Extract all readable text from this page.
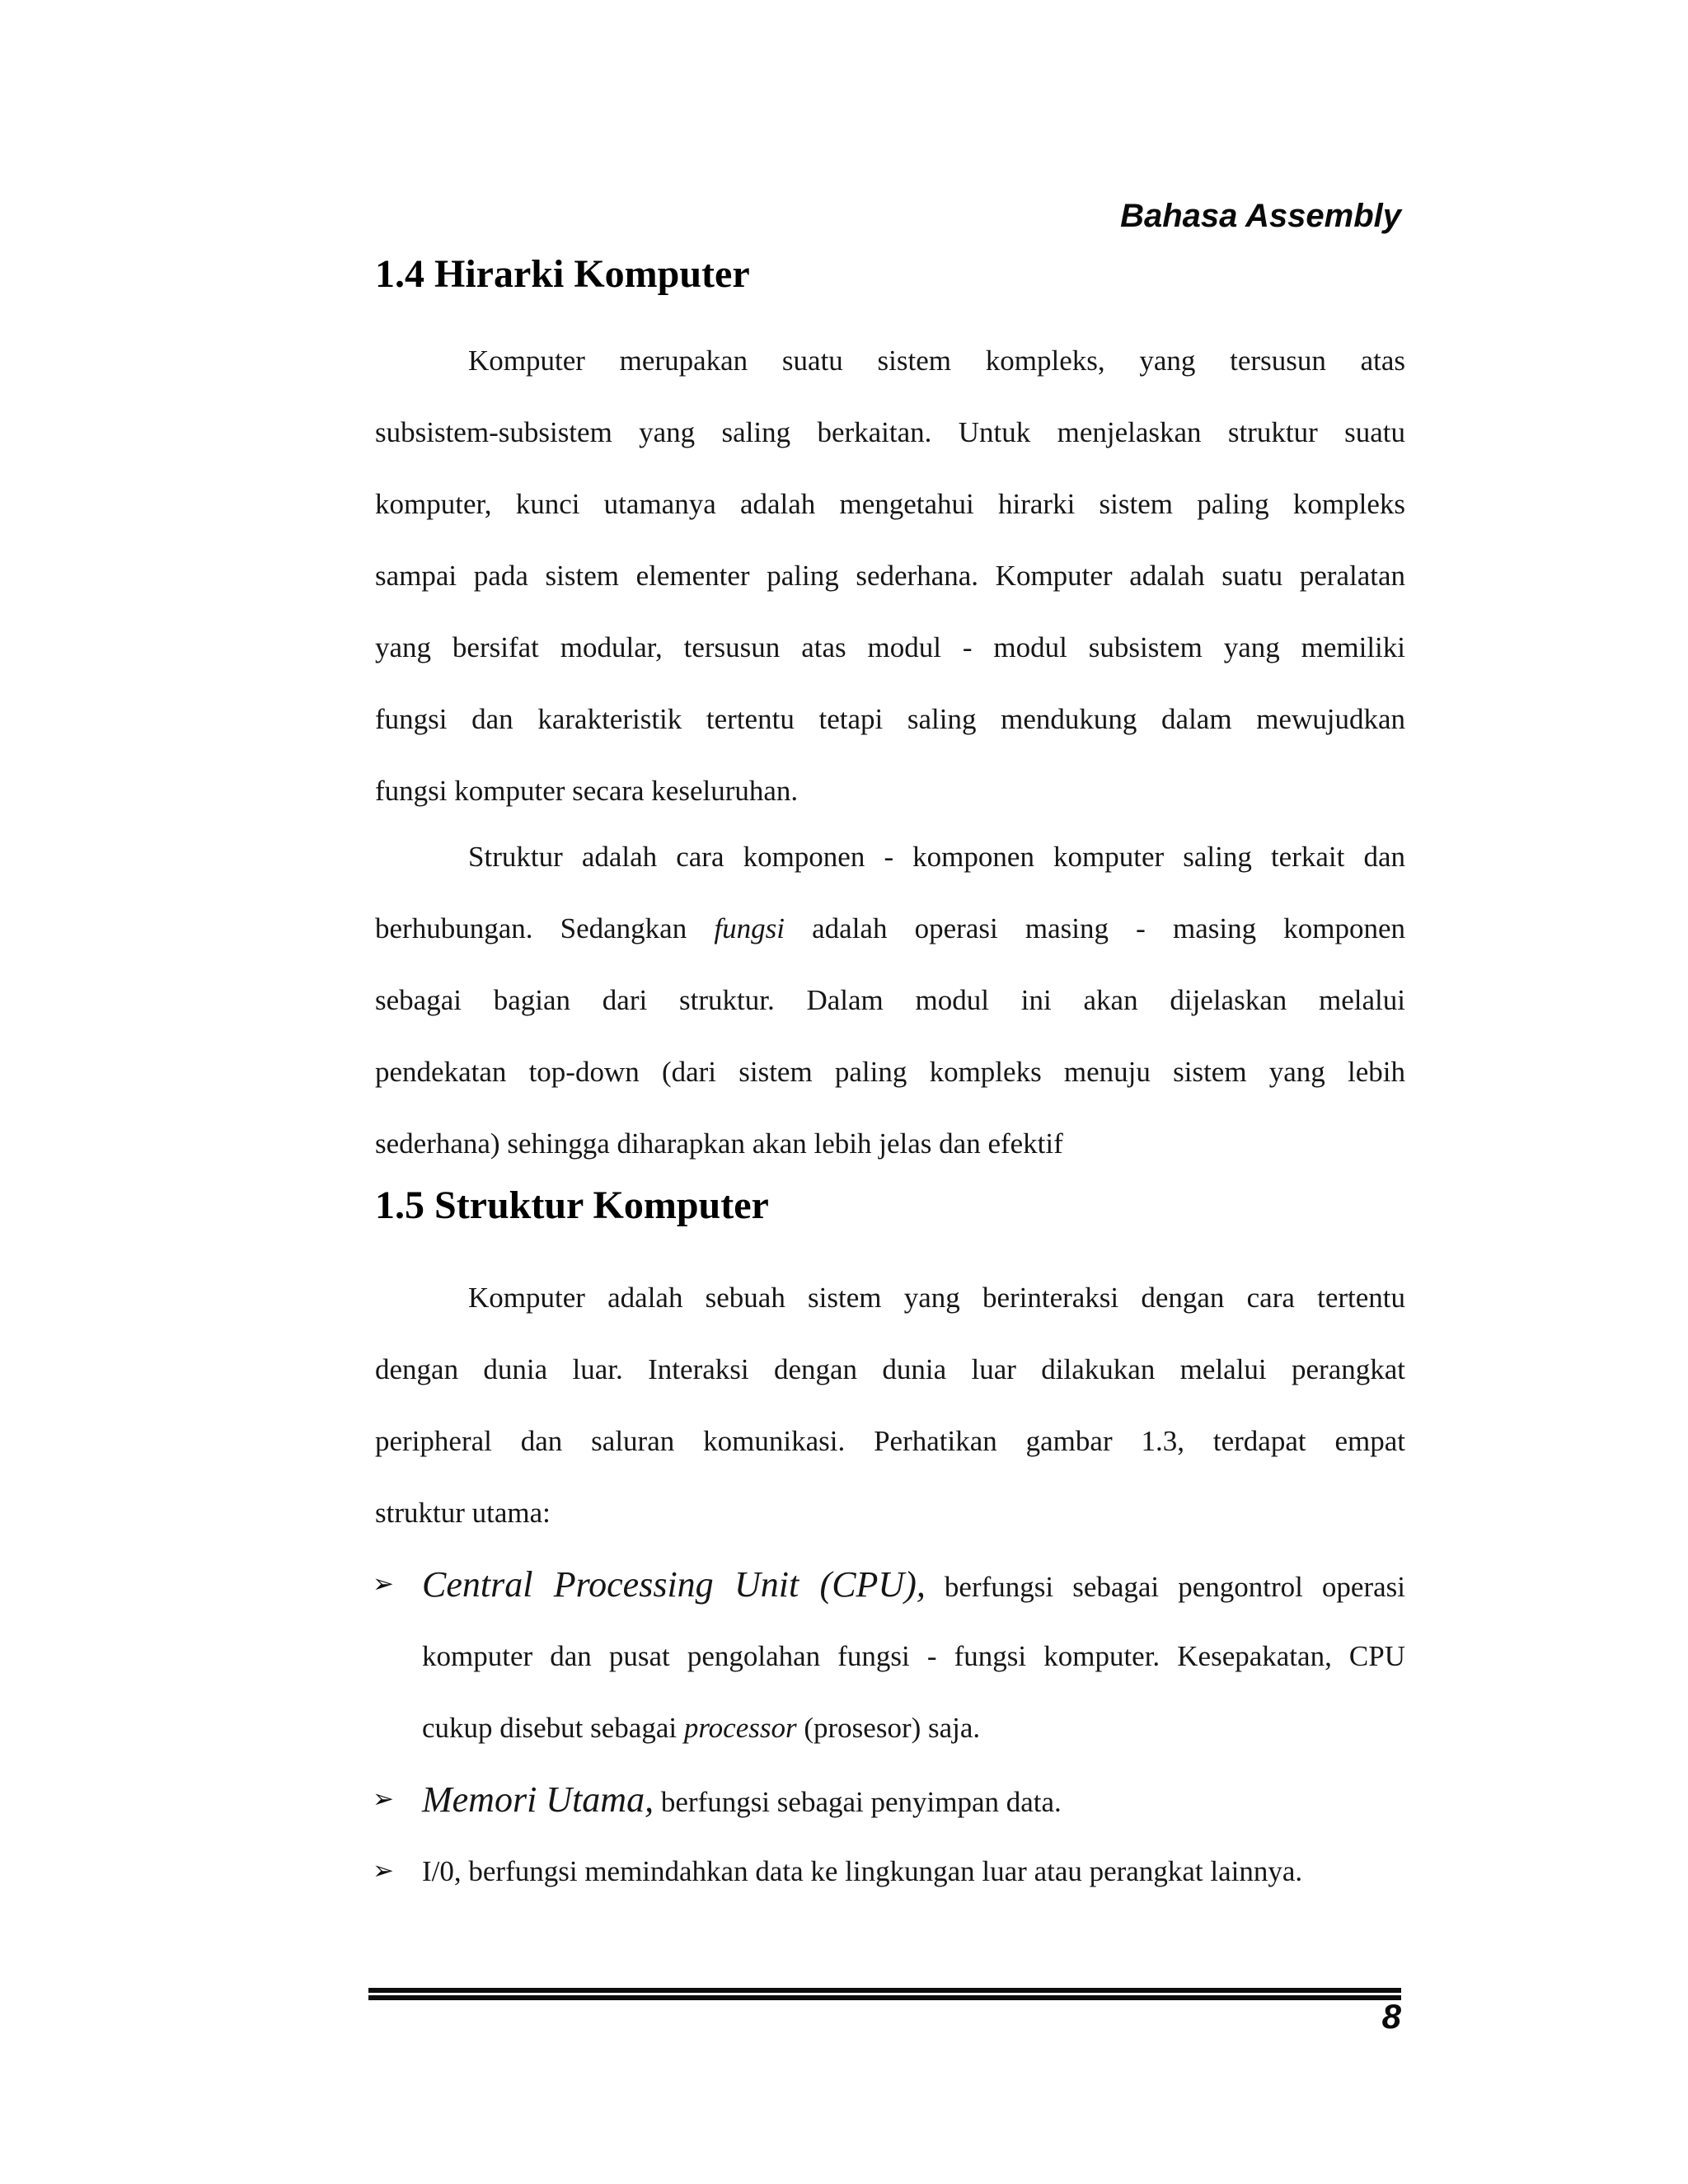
Bahasa Assembly
1.4 Hirarki Komputer
Komputer merupakan suatu sistem kompleks, yang tersusun atas
subsistem-subsistem yang saling berkaitan. Untuk menjelaskan struktur suatu
komputer, kunci utamanya adalah mengetahui hirarki sistem paling kompleks
sampai pada sistem elementer paling sederhana. Komputer adalah suatu peralatan
yang bersifat modular, tersusun atas modul - modul subsistem yang memiliki
fungsi dan karakteristik tertentu tetapi saling mendukung dalam mewujudkan
fungsi komputer secara keseluruhan.
Struktur adalah cara komponen - komponen komputer saling terkait dan
berhubungan. Sedangkan fungsi adalah operasi masing - masing komponen
sebagai bagian dari struktur. Dalam modul ini akan dijelaskan melalui
pendekatan top-down (dari sistem paling kompleks menuju sistem yang lebih
sederhana) sehingga diharapkan akan lebih jelas dan efektif
1.5 Struktur Komputer
Komputer adalah sebuah sistem yang berinteraksi dengan cara tertentu
dengan dunia luar. Interaksi dengan dunia luar dilakukan melalui perangkat
peripheral dan saluran komunikasi. Perhatikan gambar 1.3, terdapat empat
struktur utama:
➢ Central Processing Unit (CPU), berfungsi sebagai pengontrol operasi
komputer dan pusat pengolahan fungsi - fungsi komputer. Kesepakatan, CPU
cukup disebut sebagai processor (prosesor) saja.
➢ Memori Utama, berfungsi sebagai penyimpan data.
➢ I/0, berfungsi memindahkan data ke lingkungan luar atau perangkat lainnya.
8
